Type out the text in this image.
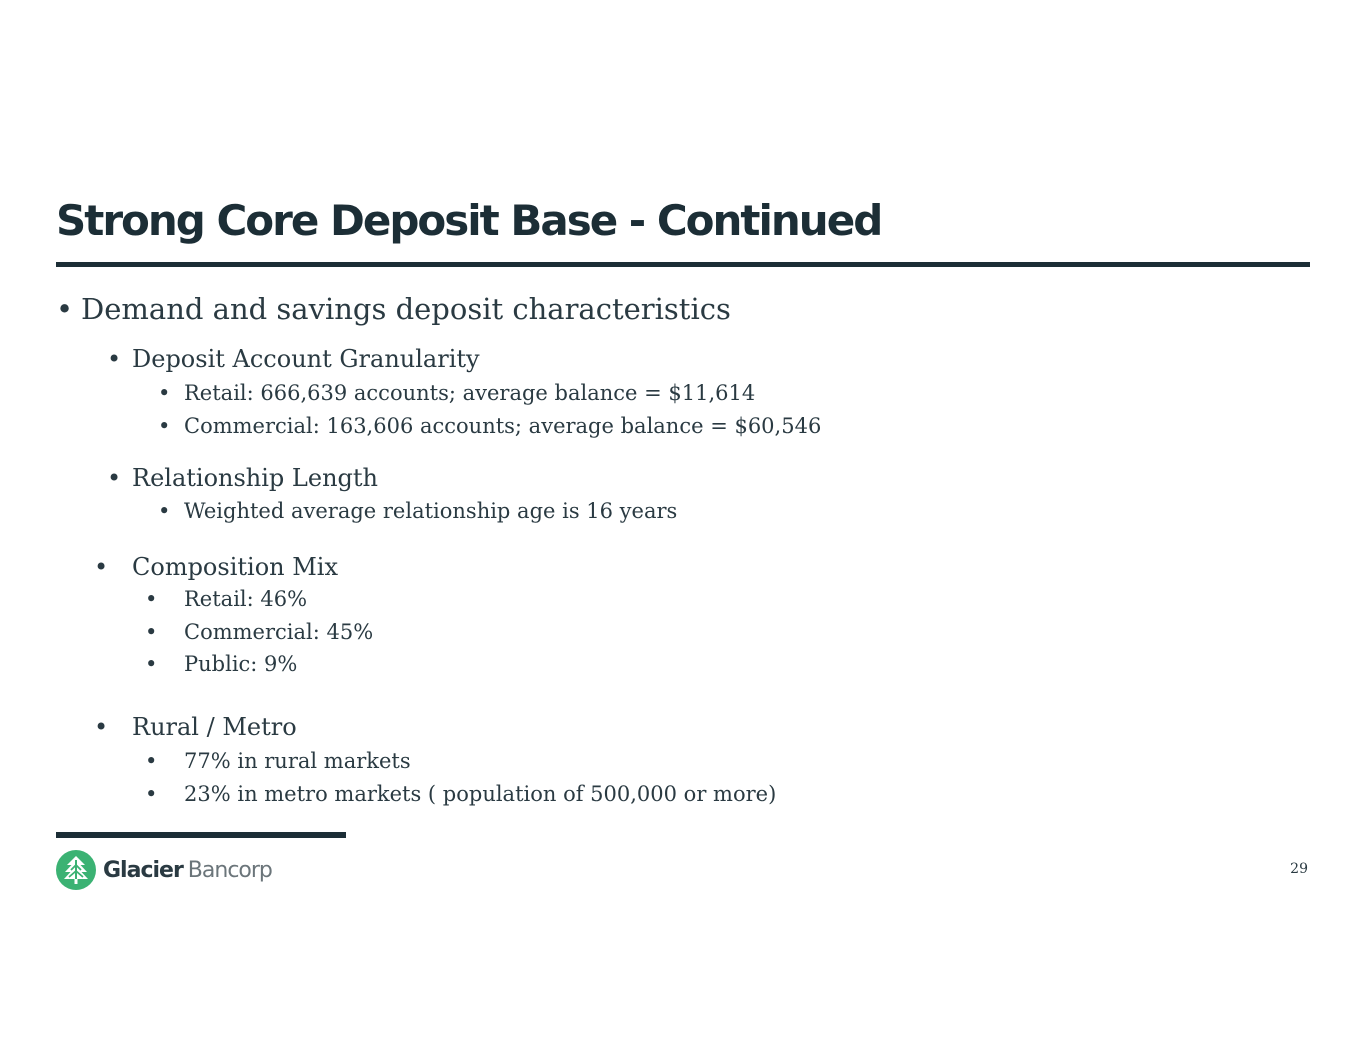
Strong Core Deposit Base - Continued
• Demand and savings deposit characteristics
• Deposit Account Granularity
• Retail: 666,639 accounts; average balance = $11,614
• Commercial: 163,606 accounts; average balance = $60,546
• Relationship Length
• Weighted average relationship age is 16 years
• Composition Mix
• Retail: 46%
• Commercial: 45%
• Public: 9%
• Rural / Metro
• 77% in rural markets
• 23% in metro markets ( population of 500,000 or more)
Glacier Bancorp	29
